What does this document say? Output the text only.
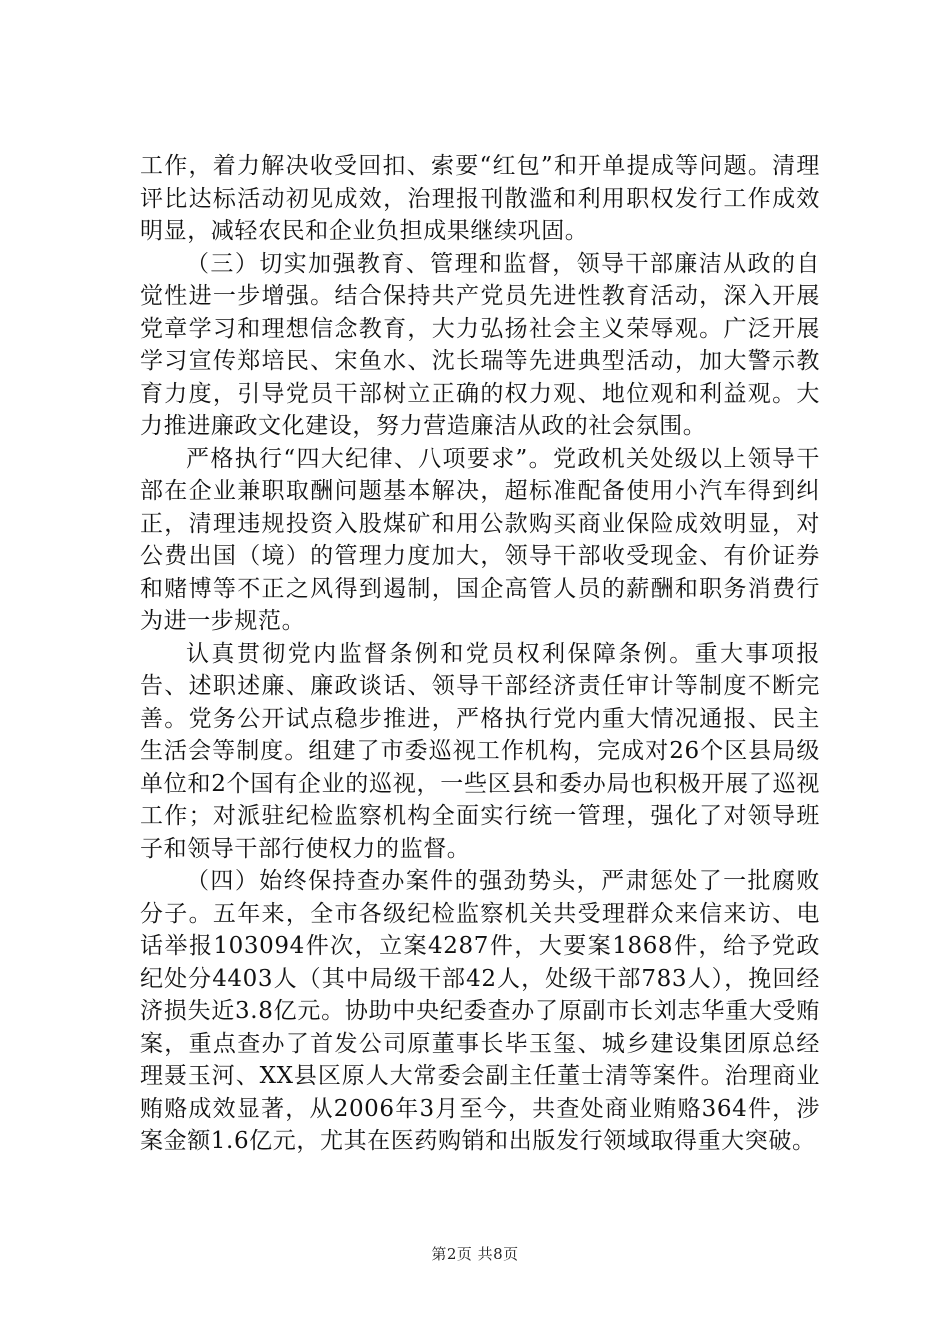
工作，着力解决收受回扣、索要“红包”和开单提成等问题。清理评比达标活动初见成效，治理报刊散滥和利用职权发行工作成效明显，减轻农民和企业负担成果继续巩固。

（三）切实加强教育、管理和监督，领导干部廉洁从政的自觉性进一步增强。结合保持共产党员先进性教育活动，深入开展党章学习和理想信念教育，大力弘扬社会主义荣辱观。广泛开展学习宣传郑培民、宋鱼水、沈长瑞等先进典型活动，加大警示教育力度，引导党员干部树立正确的权力观、地位观和利益观。大力推进廉政文化建设，努力营造廉洁从政的社会氛围。

严格执行“四大纪律、八项要求”。党政机关处级以上领导干部在企业兼职取酬问题基本解决，超标准配备使用小汽车得到纠正，清理违规投资入股煤矿和用公款购买商业保险成效明显，对公费出国（境）的管理力度加大，领导干部收受现金、有价证券和赌博等不正之风得到遏制，国企高管人员的薪酬和职务消费行为进一步规范。

认真贯彻党内监督条例和党员权利保障条例。重大事项报告、述职述廉、廉政谈话、领导干部经济责任审计等制度不断完善。党务公开试点稳步推进，严格执行党内重大情况通报、民主生活会等制度。组建了市委巡视工作机构，完成对26个区县局级单位和2个国有企业的巡视，一些区县和委办局也积极开展了巡视工作；对派驻纪检监察机构全面实行统一管理，强化了对领导班子和领导干部行使权力的监督。

（四）始终保持查办案件的强劲势头，严肃惩处了一批腐败分子。五年来，全市各级纪检监察机关共受理群众来信来访、电话举报103094件次，立案4287件，大要案1868件，给予党政纪处分4403人（其中局级干部42人，处级干部783人），挽回经济损失近3.8亿元。协助中央纪委查办了原副市长刘志华重大受贿案，重点查办了首发公司原董事长毕玉玺、城乡建设集团原总经理聂玉河、XX县区原人大常委会副主任董士清等案件。治理商业贿赂成效显著，从2006年3月至今，共查处商业贿赂364件，涉案金额1.6亿元，尤其在医药购销和出版发行领域取得重大突破。

第2页 共8页
